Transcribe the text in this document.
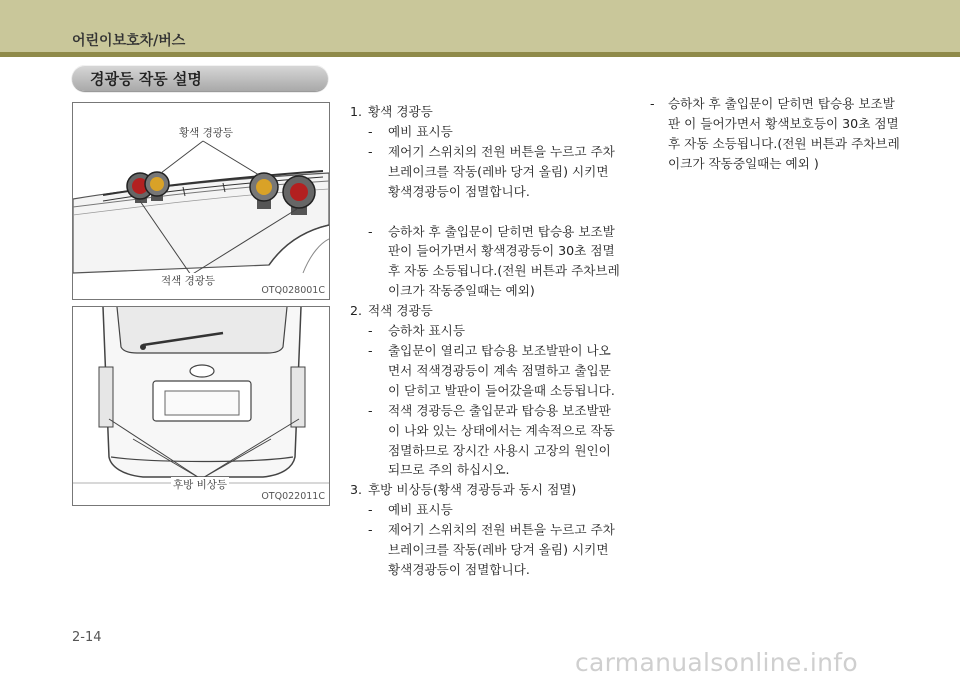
어린이보호차/버스
경광등 작동 설명
황색 경광등
적색 경광등
OTQ028001C
후방 비상등
OTQ022011C
1. 황색 경광등
- 예비 표시등
- 제어기 스위치의 전원 버튼을 누르고 주차 브레이크를 작동(레바 당겨 올림) 시키면 황색경광등이 점멸합니다.
- 승하차 후 출입문이 닫히면 탑승용 보조발판이 들어가면서 황색경광등이 30초 점멸 후 자동 소등됩니다.(전원 버튼과 주차브레이크가 작동중일때는 예외)
2. 적색 경광등
- 승하차 표시등
- 출입문이 열리고 탑승용 보조발판이 나오면서 적색경광등이 계속 점멸하고 출입문이 닫히고 발판이 들어갔을때 소등됩니다.
- 적색 경광등은 출입문과 탑승용 보조발판이 나와 있는 상태에서는 계속적으로 작동 점멸하므로 장시간 사용시 고장의 원인이 되므로 주의 하십시오.
3. 후방 비상등(황색 경광등과 동시 점멸)
- 예비 표시등
- 제어기 스위치의 전원 버튼을 누르고 주차 브레이크를 작동(레바 당겨 올림) 시키면 황색경광등이 점멸합니다.
- 승하차 후 출입문이 닫히면 탑승용 보조발판 이 들어가면서 황색보호등이 30초 점멸 후 자동 소등됩니다.(전원 버튼과 주차브레이크가 작동중일때는 예외 )
2-14
carmanualsonline.info
